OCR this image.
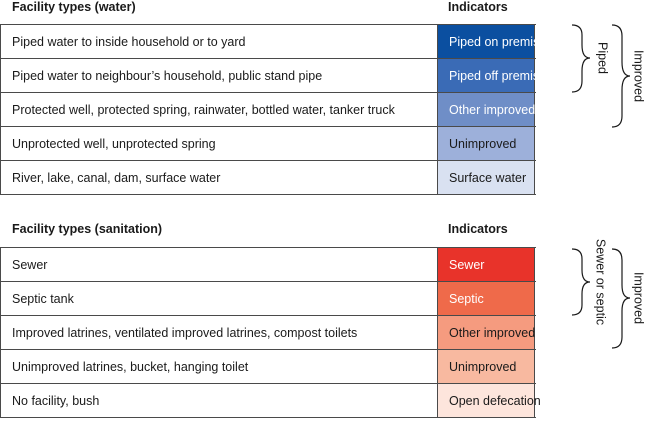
Facility types (water)	Indicators
Piped water to inside household or to yard	Piped on premises
Piped water to neighbour’s household, public stand pipe	Piped off premises
Protected well, protected spring, rainwater, bottled water, tanker truck	Other improved
Unprotected well, unprotected spring	Unimproved
River, lake, canal, dam, surface water	Surface water
Facility types (sanitation)	Indicators
Sewer	Sewer
Septic tank	Septic
Improved latrines, ventilated improved latrines, compost toilets	Other improved
Unimproved latrines, bucket, hanging toilet	Unimproved
No facility, bush	Open defecation
Piped Improved
Sewer or septic Improved
